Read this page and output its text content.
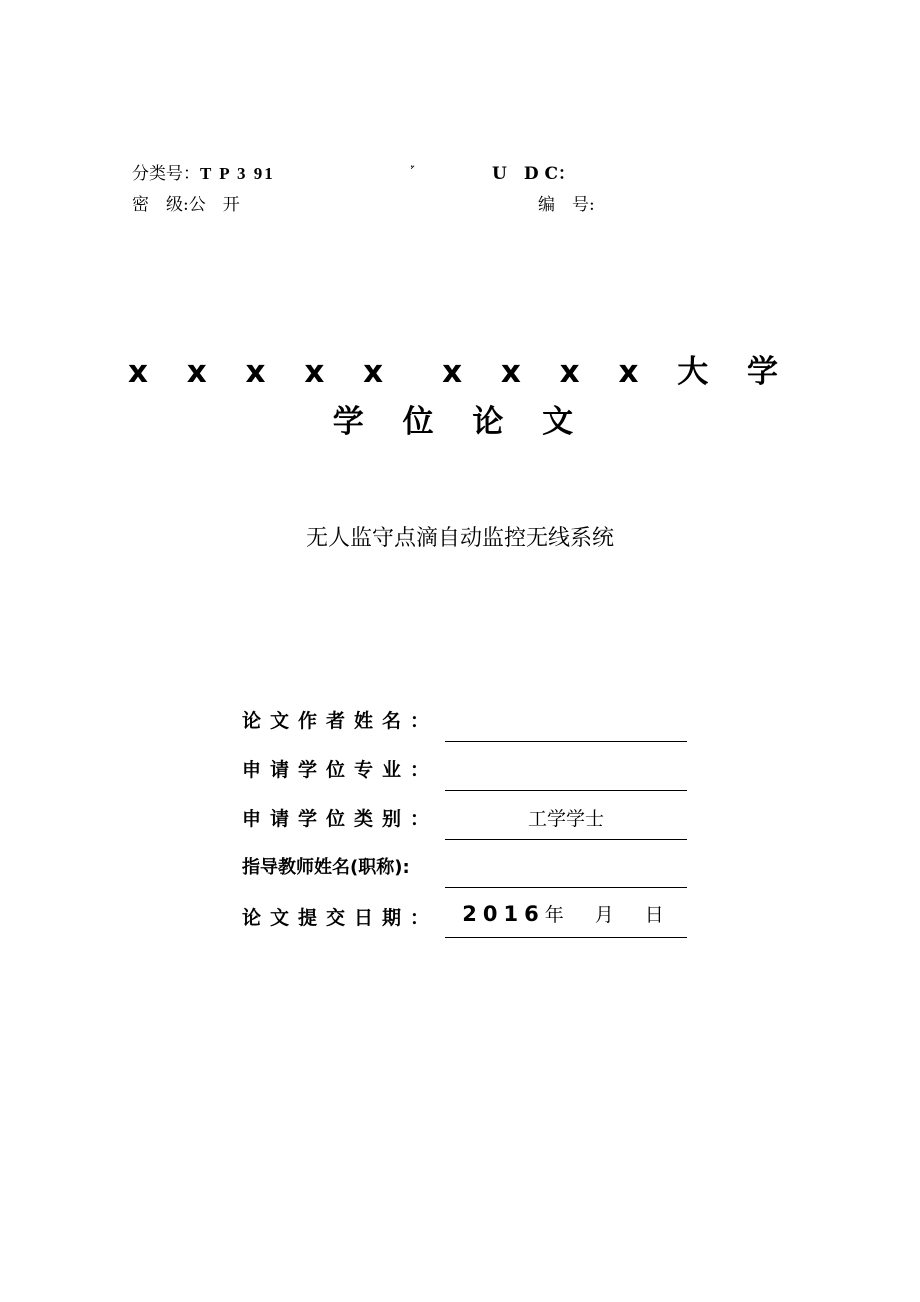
分类号：T P 3 91	U　D C：
密　级:公　开	编　号:
x x x x x　x x x x 大 学
学 位 论 文
无人监守点滴自动监控无线系统
论文作者姓名：
申请学位专业：
申请学位类别：	工学学士
指导教师姓名(职称):
论文提交日期：	2016年　 月　 日
